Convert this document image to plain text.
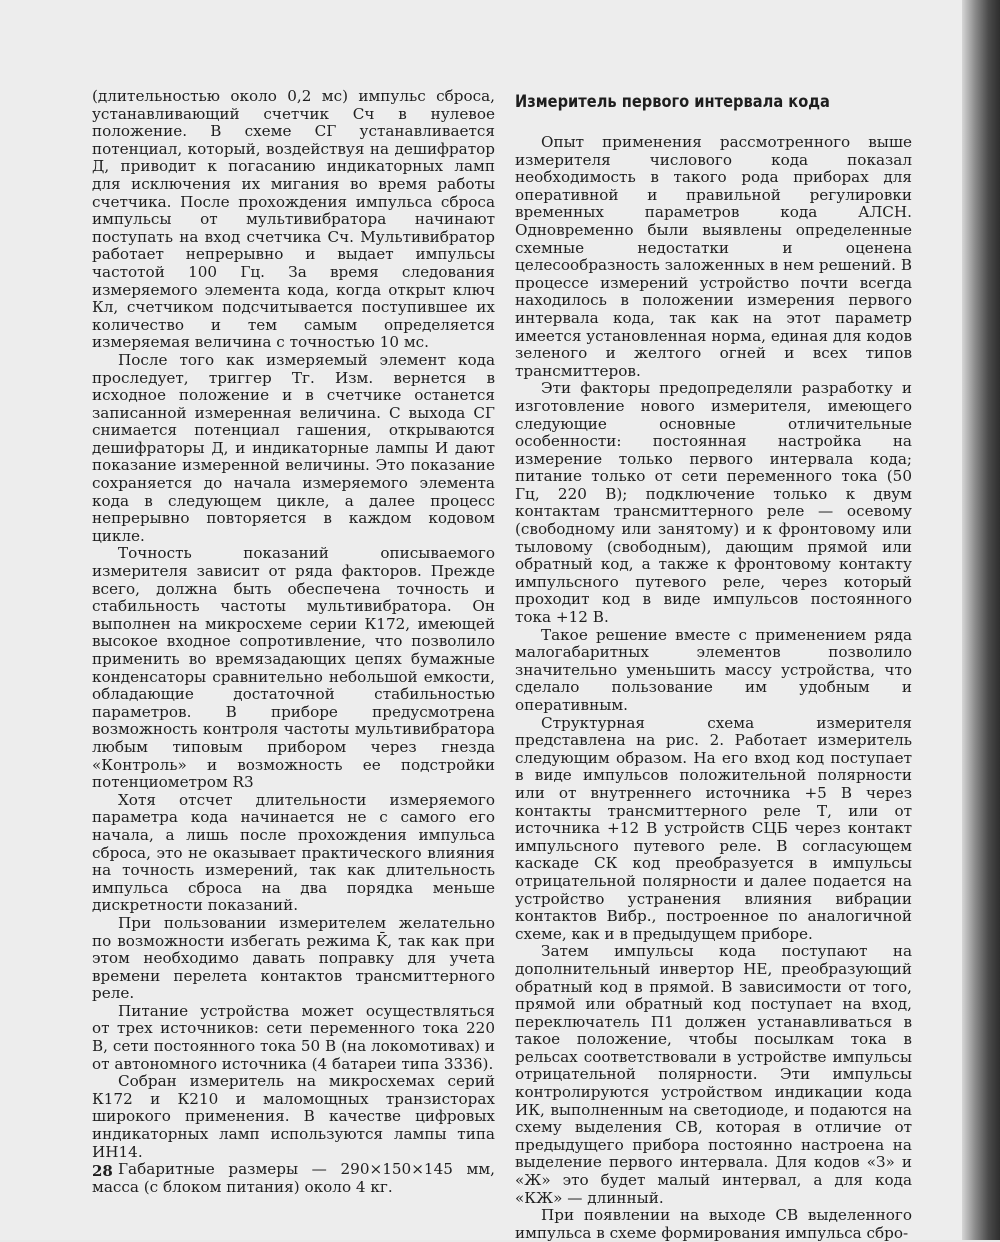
(длительностью около 0,2 мс) импульс сброса, устанавливающий счетчик Сч в нулевое положение. В схеме СГ устанавливается потенциал, который, воздействуя на дешифратор Д, приводит к погасанию индикаторных ламп для исключения их мигания во время работы счетчика. После прохождения импульса сброса импульсы от мультивибратора начинают поступать на вход счетчика Сч. Мультивибратор работает непрерывно и выдает импульсы частотой 100 Гц. За время следования измеряемого элемента кода, когда открыт ключ Кл, счетчиком подсчитывается поступившее их количество и тем самым определяется измеряемая величина с точностью 10 мс.

После того как измеряемый элемент кода проследует, триггер Тг. Изм. вернется в исходное положение и в счетчике останется записанной измеренная величина. С выхода СГ снимается потенциал гашения, открываются дешифраторы Д, и индикаторные лампы И дают показание измеренной величины. Это показание сохраняется до начала измеряемого элемента кода в следующем цикле, а далее процесс непрерывно повторяется в каждом кодовом цикле.

Точность показаний описываемого измерителя зависит от ряда факторов. Прежде всего, должна быть обеспечена точность и стабильность частоты мультивибратора. Он выполнен на микросхеме серии К172, имеющей высокое входное сопротивление, что позволило применить во времязадающих цепях бумажные конденсаторы сравнительно небольшой емкости, обладающие достаточной стабильностью параметров. В приборе предусмотрена возможность контроля частоты мультивибратора любым типовым прибором через гнезда «Контроль» и возможность ее подстройки потенциометром R3

Хотя отсчет длительности измеряемого параметра кода начинается не с самого его начала, а лишь после прохождения импульса сброса, это не оказывает практического влияния на точность измерений, так как длительность импульса сброса на два порядка меньше дискретности показаний.

При пользовании измерителем желательно по возможности избегать режима K̄, так как при этом необходимо давать поправку для учета времени перелета контактов трансмиттерного реле.

Питание устройства может осуществляться от трех источников: сети переменного тока 220 В, сети постоянного тока 50 В (на локомотивах) и от автономного источника (4 батареи типа 3336).

Собран измеритель на микросхемах серий К172 и К210 и маломощных транзисторах широкого применения. В качестве цифровых индикаторных ламп используются лампы типа ИН14.

Габаритные размеры — 290×150×145 мм, масса (с блоком питания) около 4 кг.

Измеритель первого интервала кода

Опыт применения рассмотренного выше измерителя числового кода показал необходимость в такого рода приборах для оперативной и правильной регулировки временных параметров кода АЛСН. Одновременно были выявлены определенные схемные недостатки и оценена целесообразность заложенных в нем решений. В процессе измерений устройство почти всегда находилось в положении измерения первого интервала кода, так как на этот параметр имеется установленная норма, единая для кодов зеленого и желтого огней и всех типов трансмиттеров.

Эти факторы предопределяли разработку и изготовление нового измерителя, имеющего следующие основные отличительные особенности: постоянная настройка на измерение только первого интервала кода; питание только от сети переменного тока (50 Гц, 220 В); подключение только к двум контактам трансмиттерного реле — осевому (свободному или занятому) и к фронтовому или тыловому (свободным), дающим прямой или обратный код, а также к фронтовому контакту импульсного путевого реле, через который проходит код в виде импульсов постоянного тока +12 В.

Такое решение вместе с применением ряда малогабаритных элементов позволило значительно уменьшить массу устройства, что сделало пользование им удобным и оперативным.

Структурная схема измерителя представлена на рис. 2. Работает измеритель следующим образом. На его вход код поступает в виде импульсов положительной полярности или от внутреннего источника +5 В через контакты трансмиттерного реле Т, или от источника +12 В устройств СЦБ через контакт импульсного путевого реле. В согласующем каскаде СК код преобразуется в импульсы отрицательной полярности и далее подается на устройство устранения влияния вибрации контактов Вибр., построенное по аналогичной схеме, как и в предыдущем приборе.

Затем импульсы кода поступают на дополнительный инвертор НЕ, преобразующий обратный код в прямой. В зависимости от того, прямой или обратный код поступает на вход, переключатель П1 должен устанавливаться в такое положение, чтобы посылкам тока в рельсах соответствовали в устройстве импульсы отрицательной полярности. Эти импульсы контролируются устройством индикации кода ИК, выполненным на светодиоде, и подаются на схему выделения СВ, которая в отличие от предыдущего прибора постоянно настроена на выделение первого интервала. Для кодов «З» и «Ж» это будет малый интервал, а для кода «КЖ» — длинный.

При появлении на выходе СВ выделенного импульса в схеме формирования импульса сбро-

28
